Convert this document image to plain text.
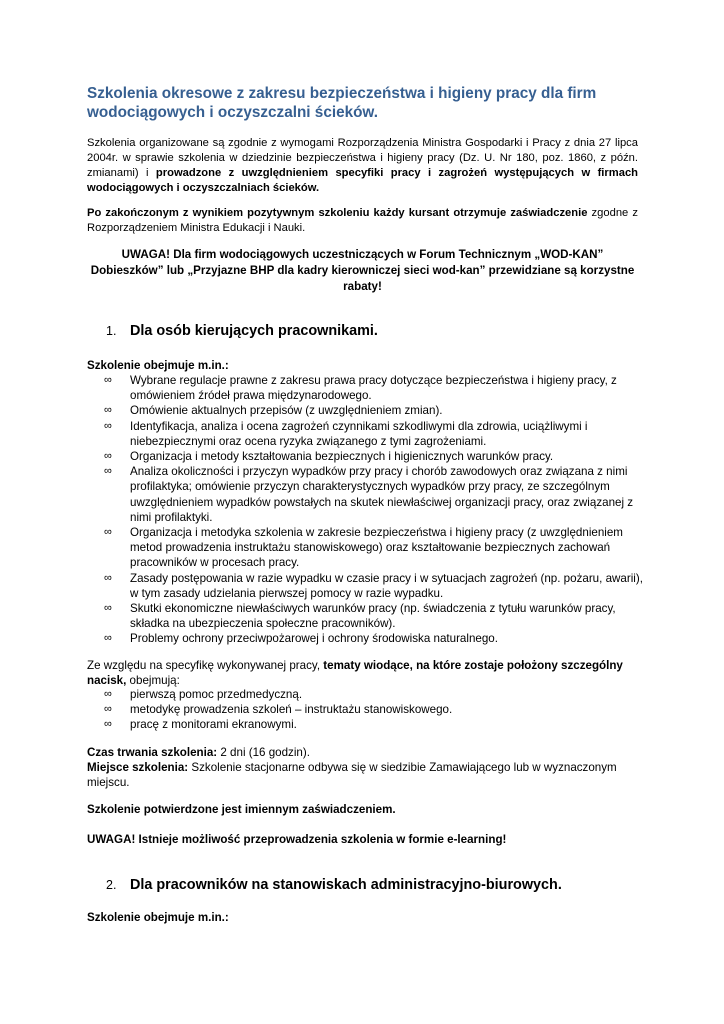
Szkolenia okresowe z zakresu bezpieczeństwa i higieny pracy dla firm wodociągowych i oczyszczalni ścieków.

Szkolenia organizowane są zgodnie z wymogami Rozporządzenia Ministra Gospodarki i Pracy z dnia 27 lipca 2004r. w sprawie szkolenia w dziedzinie bezpieczeństwa i higieny pracy (Dz. U. Nr 180, poz. 1860, z późn. zmianami) i prowadzone z uwzględnieniem specyfiki pracy i zagrożeń występujących w firmach wodociągowych i oczyszczalniach ścieków.

Po zakończonym z wynikiem pozytywnym szkoleniu każdy kursant otrzymuje zaświadczenie zgodne z Rozporządzeniem Ministra Edukacji i Nauki.

UWAGA! Dla firm wodociągowych uczestniczących w Forum Technicznym „WOD-KAN” Dobieszków” lub „Przyjazne BHP dla kadry kierowniczej sieci wod-kan” przewidziane są korzystne rabaty!

1. Dla osób kierujących pracownikami.

Szkolenie obejmuje m.in.:

∞ Wybrane regulacje prawne z zakresu prawa pracy dotyczące bezpieczeństwa i higieny pracy, z omówieniem źródeł prawa międzynarodowego.
∞ Omówienie aktualnych przepisów (z uwzględnieniem zmian).
∞ Identyfikacja, analiza i ocena zagrożeń czynnikami szkodliwymi dla zdrowia, uciążliwymi i niebezpiecznymi oraz ocena ryzyka związanego z tymi zagrożeniami.
∞ Organizacja i metody kształtowania bezpiecznych i higienicznych warunków pracy.
∞ Analiza okoliczności i przyczyn wypadków przy pracy i chorób zawodowych oraz związana z nimi profilaktyka; omówienie przyczyn charakterystycznych wypadków przy pracy, ze szczególnym uwzględnieniem wypadków powstałych na skutek niewłaściwej organizacji pracy, oraz związanej z nimi profilaktyki.
∞ Organizacja i metodyka szkolenia w zakresie bezpieczeństwa i higieny pracy (z uwzględnieniem metod prowadzenia instruktażu stanowiskowego) oraz kształtowanie bezpiecznych zachowań pracowników w procesach pracy.
∞ Zasady postępowania w razie wypadku w czasie pracy i w sytuacjach zagrożeń (np. pożaru, awarii), w tym zasady udzielania pierwszej pomocy w razie wypadku.
∞ Skutki ekonomiczne niewłaściwych warunków pracy (np. świadczenia z tytułu warunków pracy, składka na ubezpieczenia społeczne pracowników).
∞ Problemy ochrony przeciwpożarowej i ochrony środowiska naturalnego.

Ze względu na specyfikę wykonywanej pracy, tematy wiodące, na które zostaje położony szczególny nacisk, obejmują:

∞ pierwszą pomoc przedmedyczną.
∞ metodykę prowadzenia szkoleń – instruktażu stanowiskowego.
∞ pracę z monitorami ekranowymi.

Czas trwania szkolenia: 2 dni (16 godzin).

Miejsce szkolenia: Szkolenie stacjonarne odbywa się w siedzibie Zamawiającego lub w wyznaczonym miejscu.

Szkolenie potwierdzone jest imiennym zaświadczeniem.

UWAGA! Istnieje możliwość przeprowadzenia szkolenia w formie e-learning!

2. Dla pracowników na stanowiskach administracyjno-biurowych.

Szkolenie obejmuje m.in.:
